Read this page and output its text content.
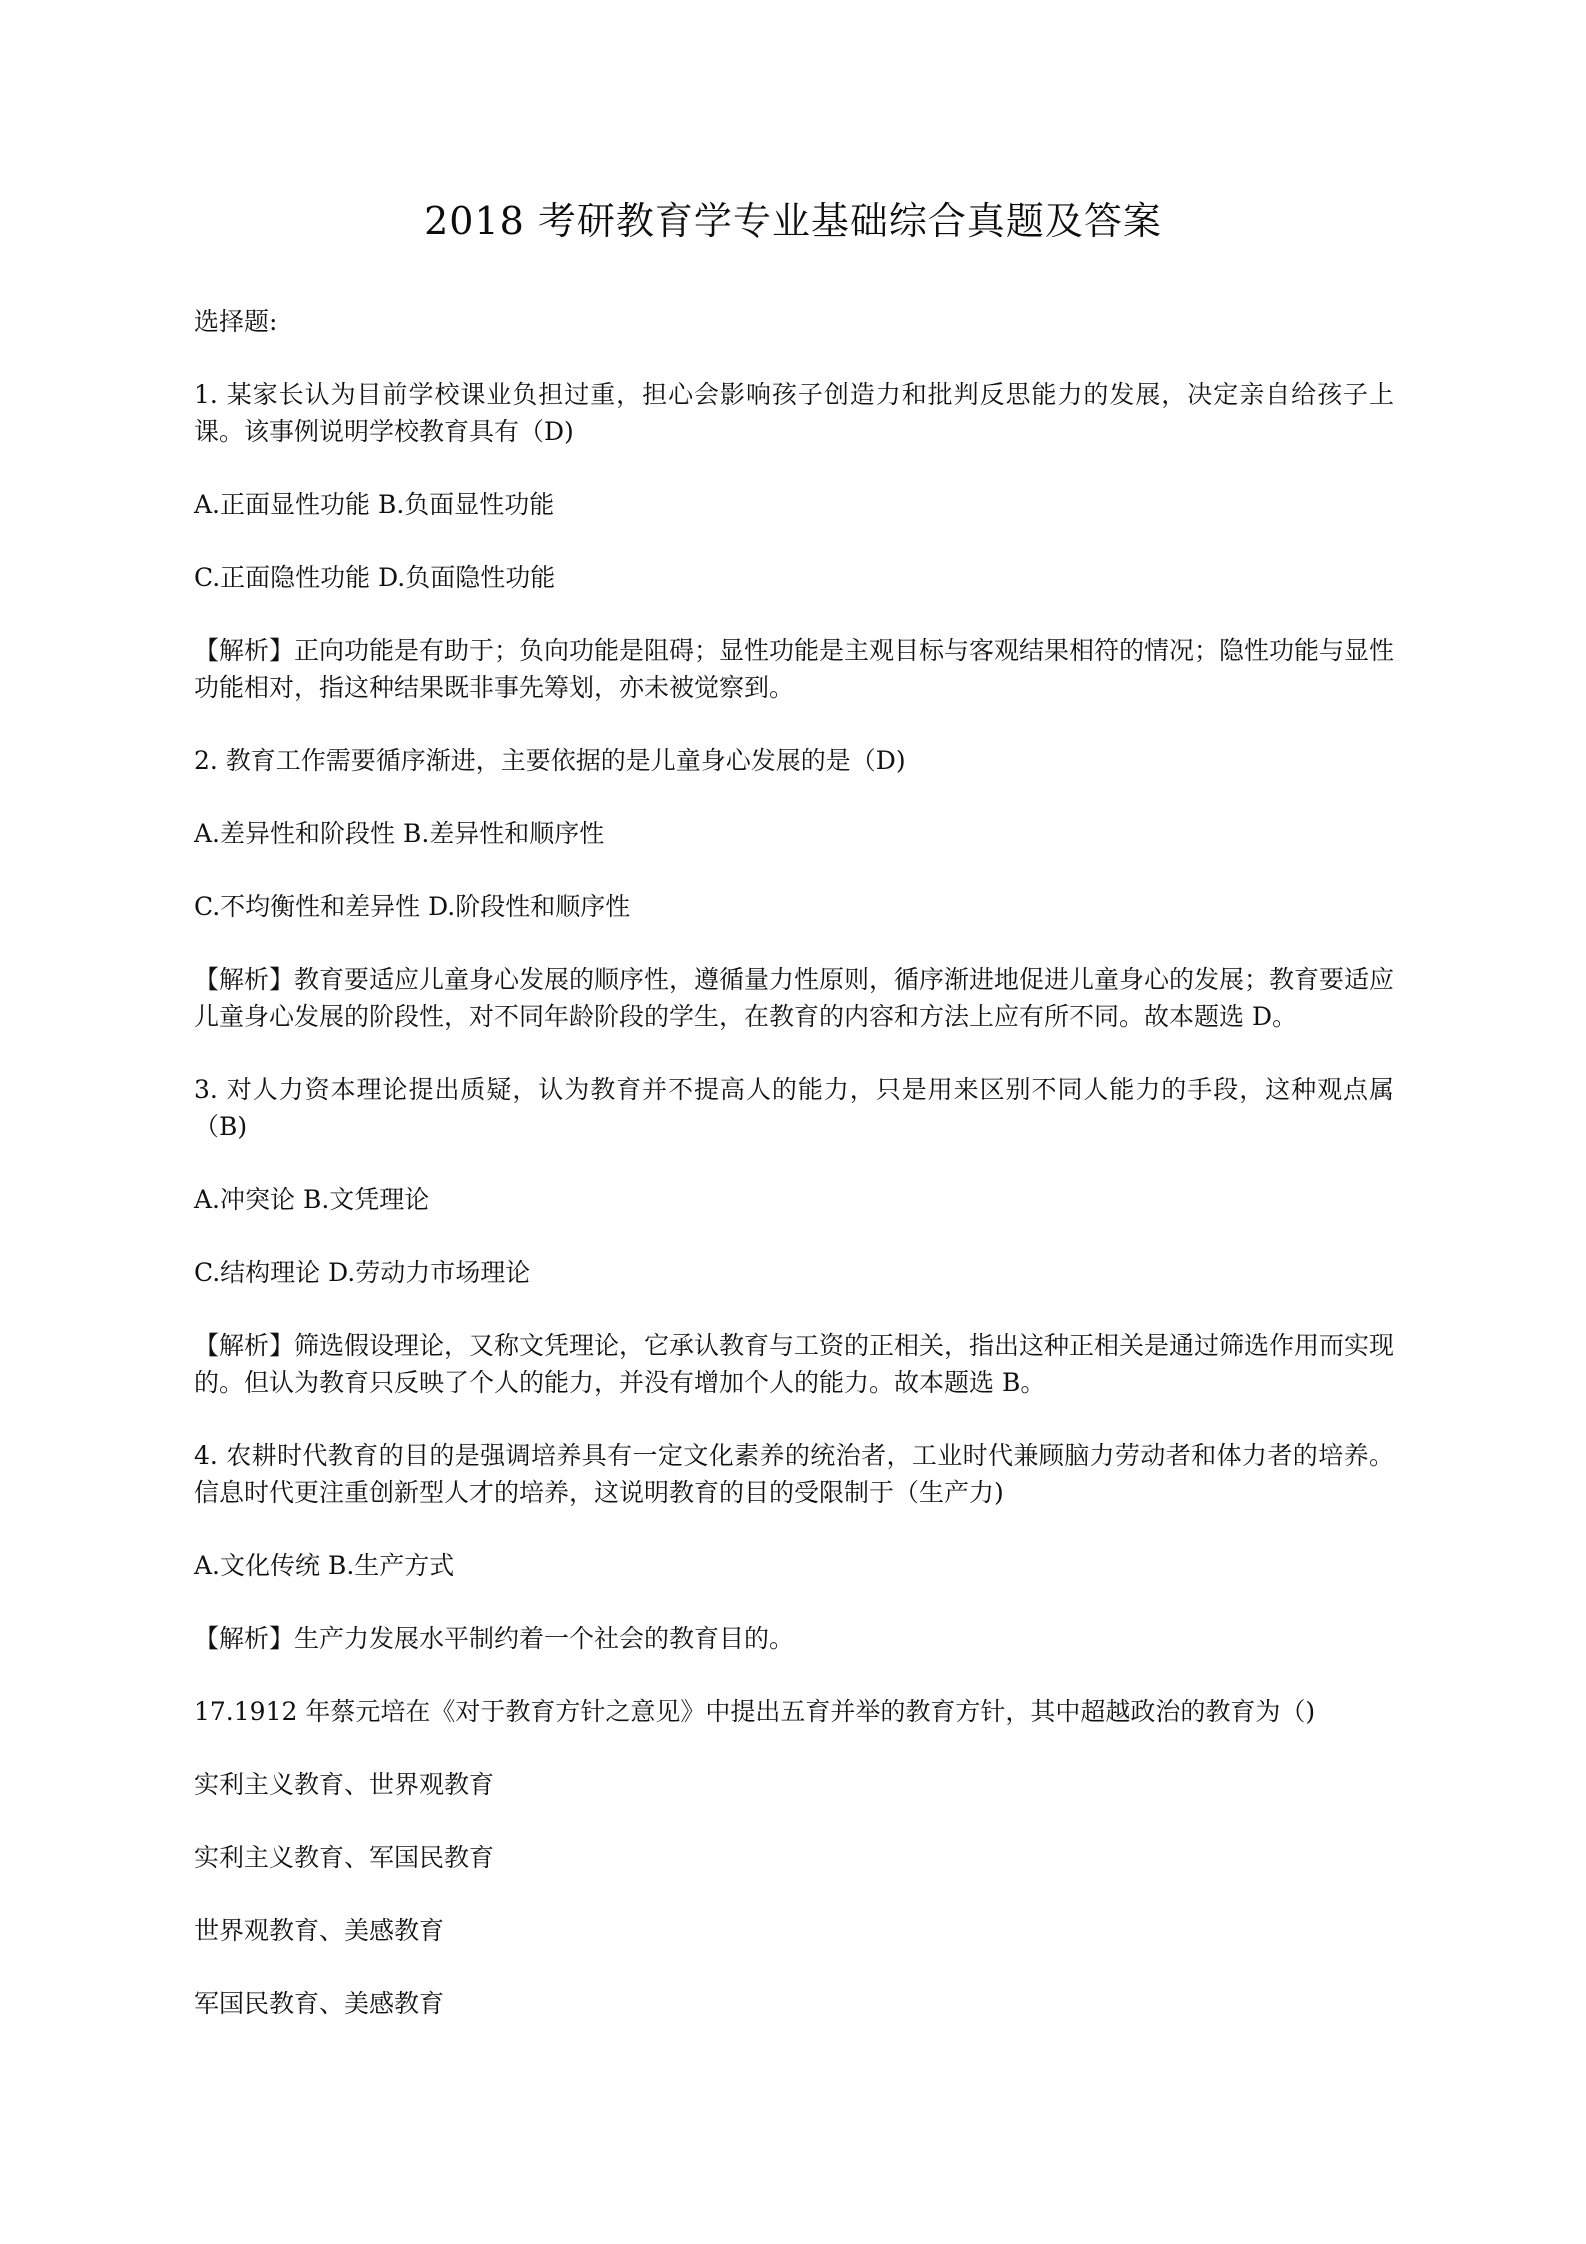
2018 考研教育学专业基础综合真题及答案

选择题:

1. 某家长认为目前学校课业负担过重，担心会影响孩子创造力和批判反思能力的发展，决定亲自给孩子上课。该事例说明学校教育具有（D)

A.正面显性功能 B.负面显性功能

C.正面隐性功能 D.负面隐性功能

【解析】正向功能是有助于；负向功能是阻碍；显性功能是主观目标与客观结果相符的情况；隐性功能与显性功能相对，指这种结果既非事先筹划，亦未被觉察到。

2. 教育工作需要循序渐进，主要依据的是儿童身心发展的是（D)

A.差异性和阶段性 B.差异性和顺序性

C.不均衡性和差异性 D.阶段性和顺序性

【解析】教育要适应儿童身心发展的顺序性，遵循量力性原则，循序渐进地促进儿童身心的发展；教育要适应儿童身心发展的阶段性，对不同年龄阶段的学生，在教育的内容和方法上应有所不同。故本题选 D。

3. 对人力资本理论提出质疑，认为教育并不提高人的能力，只是用来区别不同人能力的手段，这种观点属（B)

A.冲突论 B.文凭理论

C.结构理论 D.劳动力市场理论

【解析】筛选假设理论，又称文凭理论，它承认教育与工资的正相关，指出这种正相关是通过筛选作用而实现的。但认为教育只反映了个人的能力，并没有增加个人的能力。故本题选 B。

4. 农耕时代教育的目的是强调培养具有一定文化素养的统治者，工业时代兼顾脑力劳动者和体力者的培养。信息时代更注重创新型人才的培养，这说明教育的目的受限制于（生产力)

A.文化传统 B.生产方式

【解析】生产力发展水平制约着一个社会的教育目的。

17.1912 年蔡元培在《对于教育方针之意见》中提出五育并举的教育方针，其中超越政治的教育为（)

实利主义教育、世界观教育

实利主义教育、军国民教育

世界观教育、美感教育

军国民教育、美感教育
